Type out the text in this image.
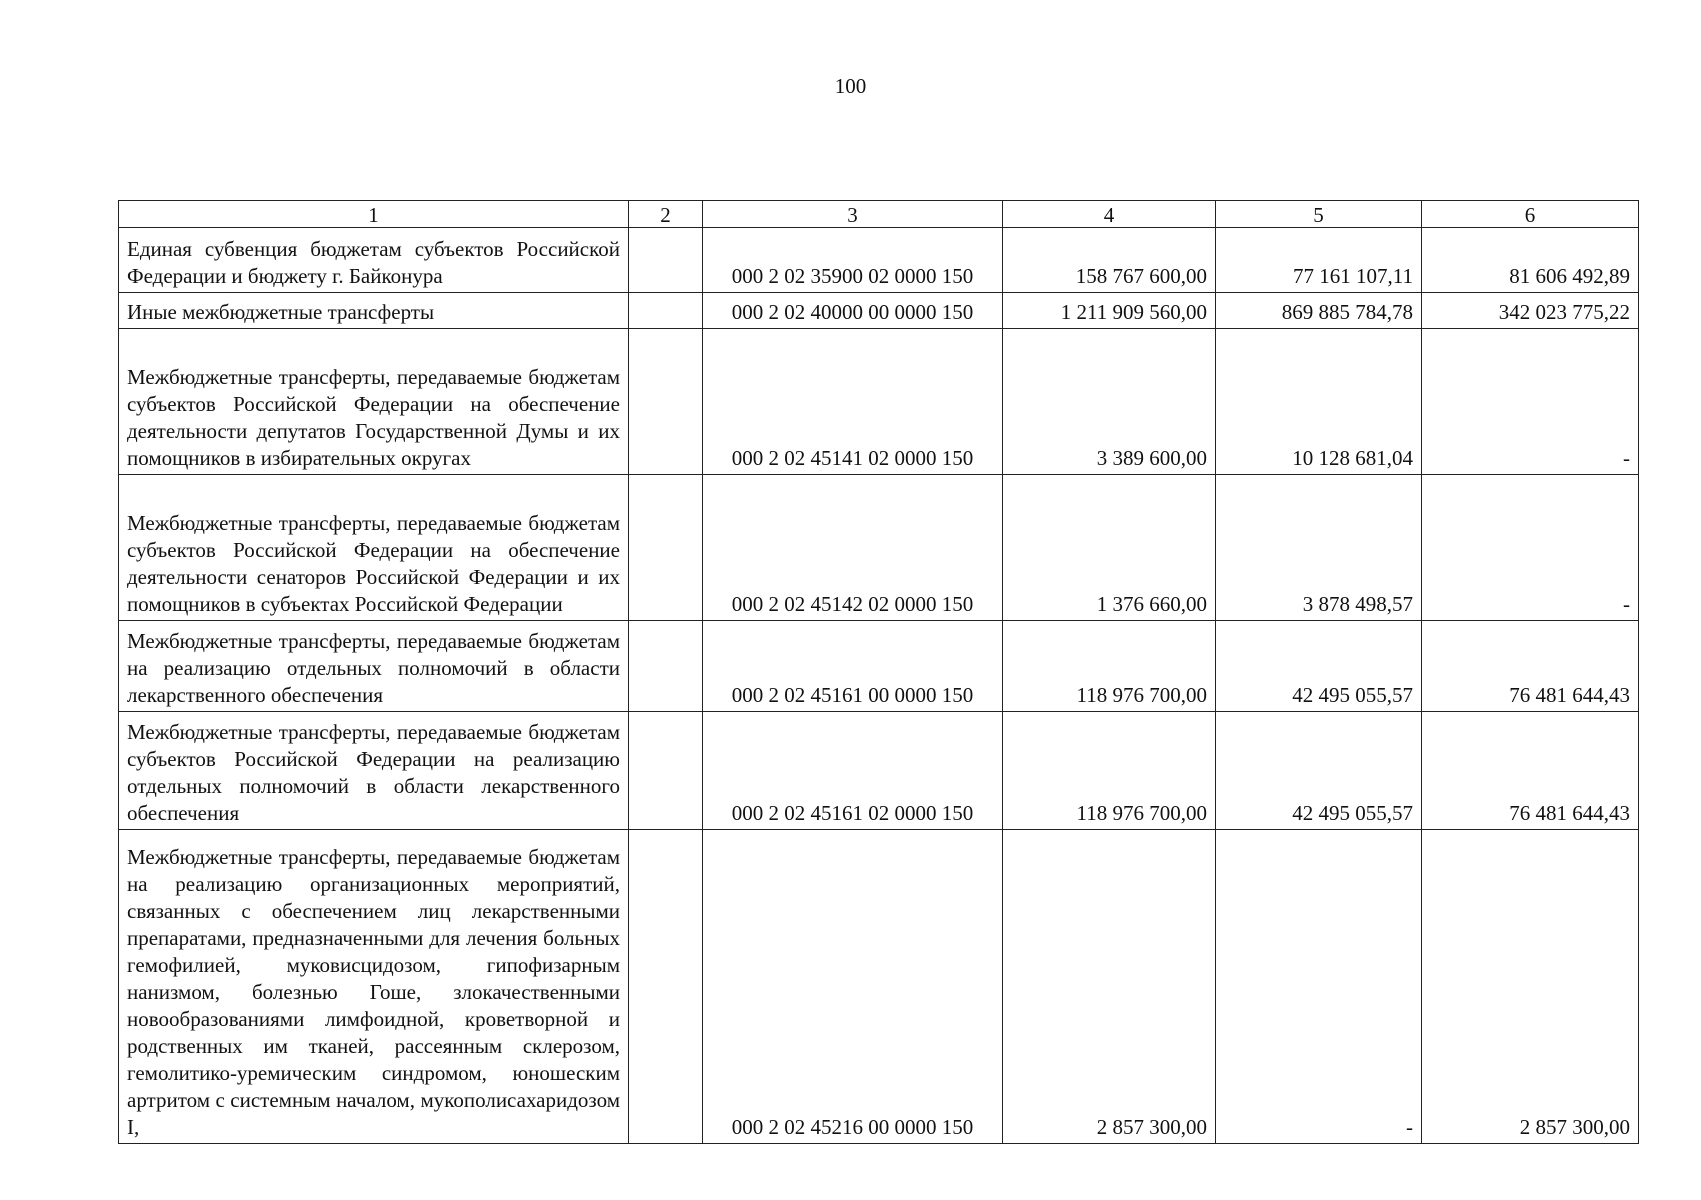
100
1	2	3	4	5	6
Единая субвенция бюджетам субъектов Российской Федерации и бюджету г. Байконура		000 2 02 35900 02 0000 150	158 767 600,00	77 161 107,11	81 606 492,89
Иные межбюджетные трансферты		000 2 02 40000 00 0000 150	1 211 909 560,00	869 885 784,78	342 023 775,22
Межбюджетные трансферты, передаваемые бюджетам субъектов Российской Федерации на обеспечение деятельности депутатов Государственной Думы и их помощников в избирательных округах		000 2 02 45141 02 0000 150	3 389 600,00	10 128 681,04	-
Межбюджетные трансферты, передаваемые бюджетам субъектов Российской Федерации на обеспечение деятельности сенаторов Российской Федерации и их помощников в субъектах Российской Федерации		000 2 02 45142 02 0000 150	1 376 660,00	3 878 498,57	-
Межбюджетные трансферты, передаваемые бюджетам на реализацию отдельных полномочий в области лекарственного обеспечения		000 2 02 45161 00 0000 150	118 976 700,00	42 495 055,57	76 481 644,43
Межбюджетные трансферты, передаваемые бюджетам субъектов Российской Федерации на реализацию отдельных полномочий в области лекарственного обеспечения		000 2 02 45161 02 0000 150	118 976 700,00	42 495 055,57	76 481 644,43
Межбюджетные трансферты, передаваемые бюджетам на реализацию организационных мероприятий, связанных с обеспечением лиц лекарственными препаратами, предназначенными для лечения больных гемофилией, муковисцидозом, гипофизарным нанизмом, болезнью Гоше, злокачественными новообразованиями лимфоидной, кроветворной и родственных им тканей, рассеянным склерозом, гемолитико-уремическим синдромом, юношеским артритом с системным началом, мукополисахаридозом I,		000 2 02 45216 00 0000 150	2 857 300,00	-	2 857 300,00
